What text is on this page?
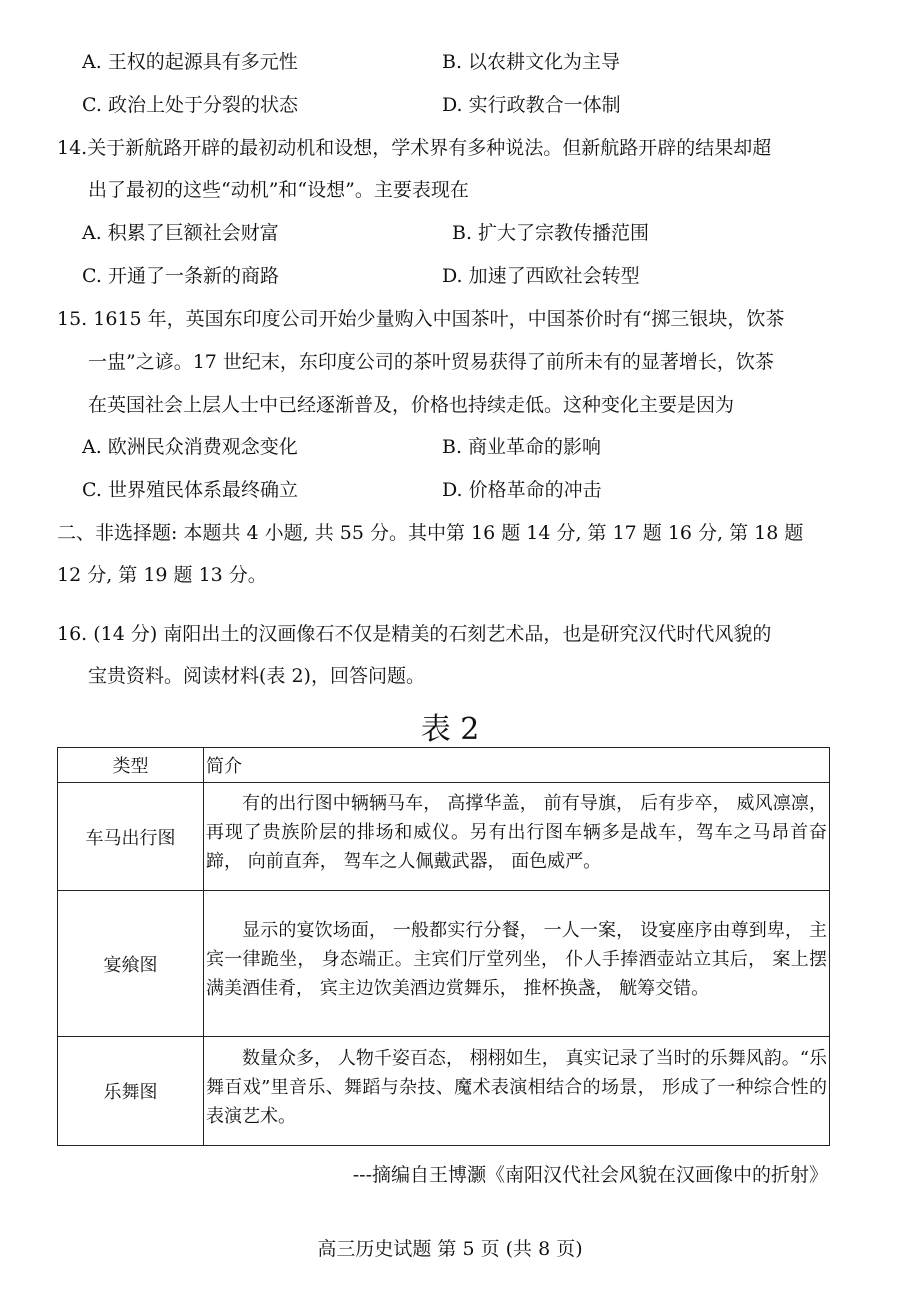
A. 王权的起源具有多元性	B. 以农耕文化为主导
C. 政治上处于分裂的状态	D. 实行政教合一体制
14.关于新航路开辟的最初动机和设想，学术界有多种说法。但新航路开辟的结果却超
出了最初的这些“动机”和“设想”。主要表现在
A. 积累了巨额社会财富	B. 扩大了宗教传播范围
C. 开通了一条新的商路	D. 加速了西欧社会转型
15. 1615 年，英国东印度公司开始少量购入中国茶叶，中国茶价时有“掷三银块，饮茶
一盅”之谚。17 世纪末，东印度公司的茶叶贸易获得了前所未有的显著增长，饮茶
在英国社会上层人士中已经逐渐普及，价格也持续走低。这种变化主要是因为
A. 欧洲民众消费观念变化	B. 商业革命的影响
C. 世界殖民体系最终确立	D. 价格革命的冲击
二、非选择题: 本题共 4 小题, 共 55 分。其中第 16 题 14 分, 第 17 题 16 分, 第 18 题
12 分, 第 19 题 13 分。
16. (14 分) 南阳出土的汉画像石不仅是精美的石刻艺术品，也是研究汉代时代风貌的
宝贵资料。阅读材料(表 2)，回答问题。
表 2
类型	简介
车马出行图	有的出行图中辆辆马车， 高撑华盖， 前有导旗， 后有步卒， 威风凛凛， 再现了贵族阶层的排场和威仪。另有出行图车辆多是战车，驾车之马昂首奋蹄， 向前直奔， 驾车之人佩戴武器， 面色威严。
宴飨图	显示的宴饮场面， 一般都实行分餐， 一人一案， 设宴座序由尊到卑， 主宾一律跪坐， 身态端正。主宾们厅堂列坐， 仆人手捧酒壶站立其后， 案上摆满美酒佳肴， 宾主边饮美酒边赏舞乐， 推杯换盏， 觥筹交错。
乐舞图	数量众多， 人物千姿百态， 栩栩如生， 真实记录了当时的乐舞风韵。“乐舞百戏”里音乐、舞蹈与杂技、魔术表演相结合的场景， 形成了一种综合性的表演艺术。
---摘编自王博灏《南阳汉代社会风貌在汉画像中的折射》
高三历史试题 第 5 页 (共 8 页)
